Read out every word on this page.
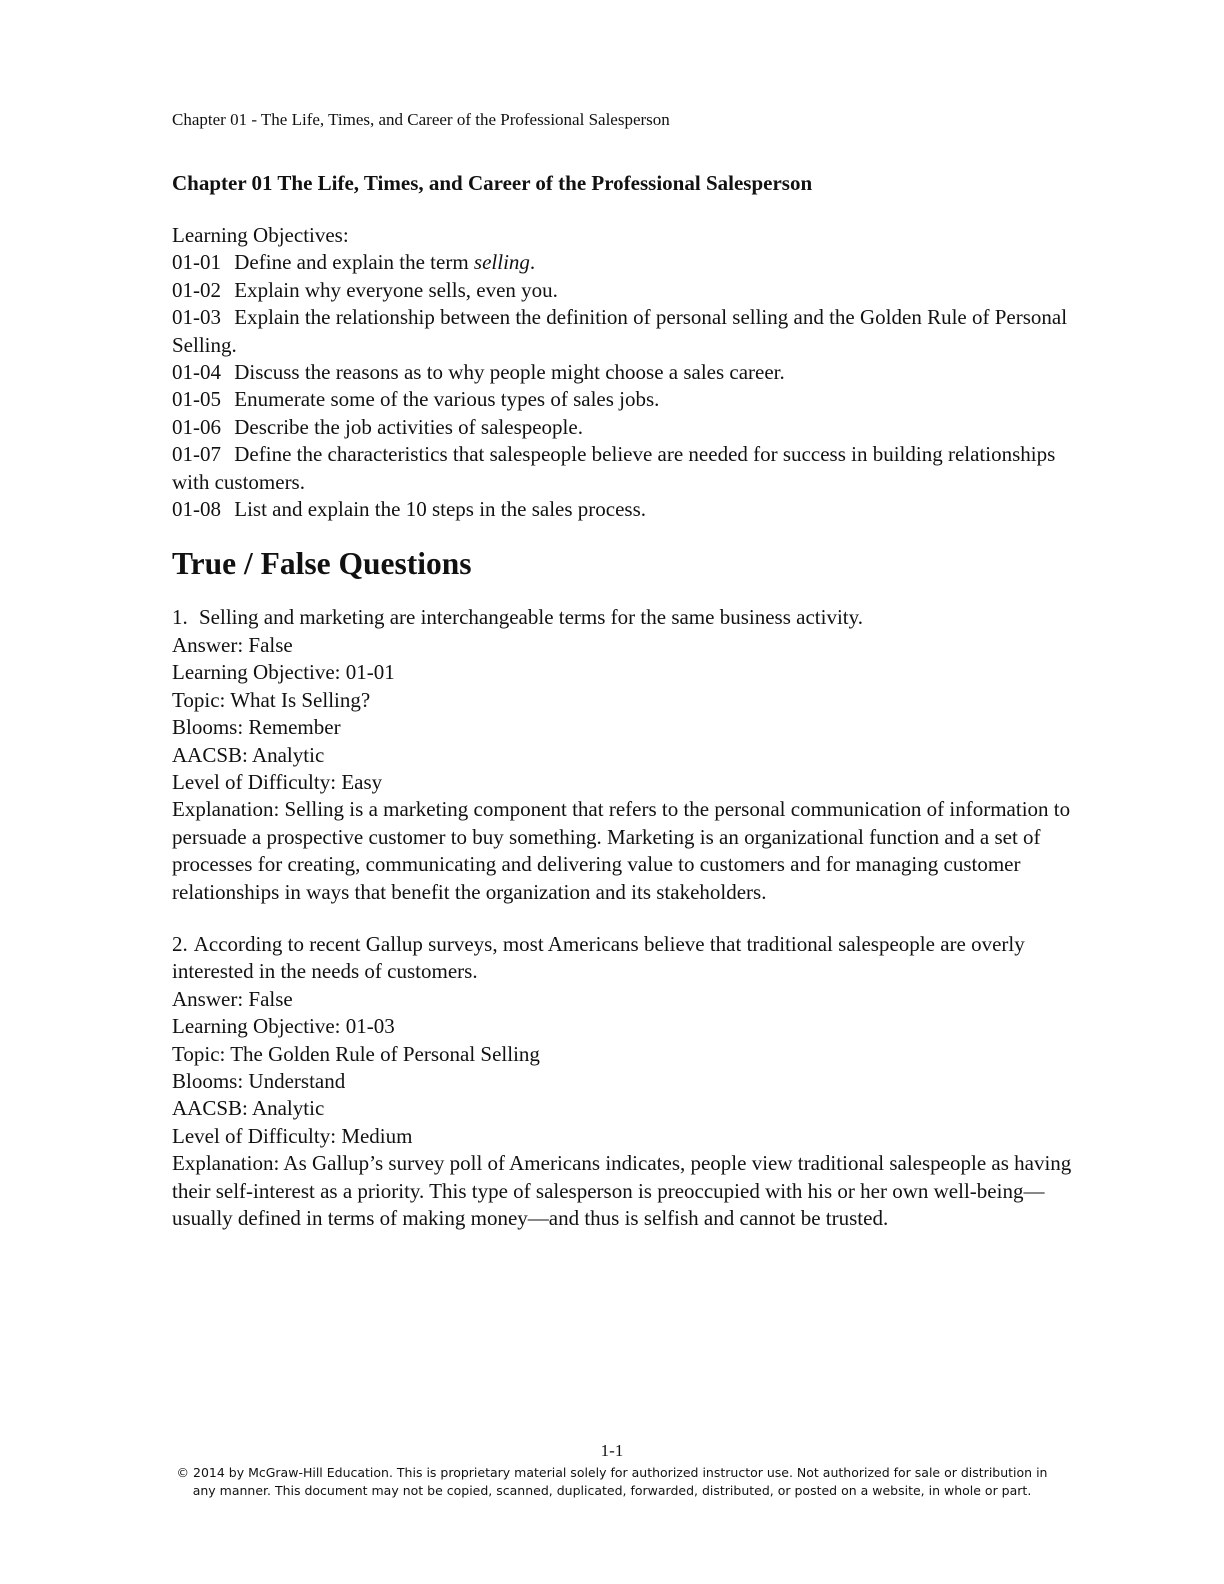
Chapter 01 - The Life, Times, and Career of the Professional Salesperson
Chapter 01 The Life, Times, and Career of the Professional Salesperson
Learning Objectives:
01-01 Define and explain the term selling.
01-02 Explain why everyone sells, even you.
01-03 Explain the relationship between the definition of personal selling and the Golden Rule of Personal Selling.
01-04 Discuss the reasons as to why people might choose a sales career.
01-05 Enumerate some of the various types of sales jobs.
01-06 Describe the job activities of salespeople.
01-07 Define the characteristics that salespeople believe are needed for success in building relationships with customers.
01-08 List and explain the 10 steps in the sales process.
True / False Questions
1. Selling and marketing are interchangeable terms for the same business activity.
Answer: False
Learning Objective: 01-01
Topic: What Is Selling?
Blooms: Remember
AACSB: Analytic
Level of Difficulty: Easy
Explanation: Selling is a marketing component that refers to the personal communication of information to persuade a prospective customer to buy something. Marketing is an organizational function and a set of processes for creating, communicating and delivering value to customers and for managing customer relationships in ways that benefit the organization and its stakeholders.
2. According to recent Gallup surveys, most Americans believe that traditional salespeople are overly interested in the needs of customers.
Answer: False
Learning Objective: 01-03
Topic: The Golden Rule of Personal Selling
Blooms: Understand
AACSB: Analytic
Level of Difficulty: Medium
Explanation: As Gallup’s survey poll of Americans indicates, people view traditional salespeople as having their self-interest as a priority. This type of salesperson is preoccupied with his or her own well-being—usually defined in terms of making money—and thus is selfish and cannot be trusted.
1-1
© 2014 by McGraw-Hill Education. This is proprietary material solely for authorized instructor use. Not authorized for sale or distribution in
any manner. This document may not be copied, scanned, duplicated, forwarded, distributed, or posted on a website, in whole or part.
